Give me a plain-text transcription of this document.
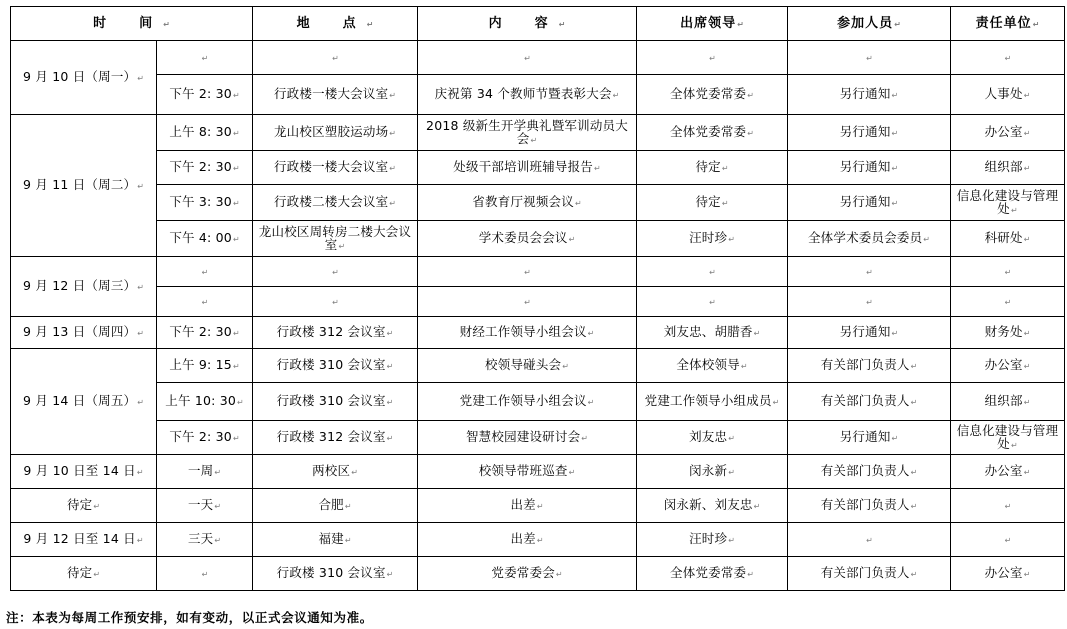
时　间↵		地　点↵	内　容↵	出席领导↵	参加人员↵	责任单位↵
9 月 10 日（周一）↵	↵	↵	↵	↵	↵	↵
	下午 2: 30↵	行政楼一楼大会议室↵	庆祝第 34 个教师节暨表彰大会↵	全体党委常委↵	另行通知↵	人事处↵
9 月 11 日（周二）↵	上午 8: 30↵	龙山校区塑胶运动场↵	2018 级新生开学典礼暨军训动员大会↵	全体党委常委↵	另行通知↵	办公室↵
	下午 2: 30↵	行政楼一楼大会议室↵	处级干部培训班辅导报告↵	待定↵	另行通知↵	组织部↵
	下午 3: 30↵	行政楼二楼大会议室↵	省教育厅视频会议↵	待定↵	另行通知↵	信息化建设与管理处↵
	下午 4: 00↵	龙山校区周转房二楼大会议室↵	学术委员会会议↵	汪时珍↵	全体学术委员会委员↵	科研处↵
9 月 12 日（周三）↵	↵	↵	↵	↵	↵	↵
	↵	↵	↵	↵	↵	↵
9 月 13 日（周四）↵	下午 2: 30↵	行政楼 312 会议室↵	财经工作领导小组会议↵	刘友忠、胡腊香↵	另行通知↵	财务处↵
9 月 14 日（周五）↵	上午 9: 15↵	行政楼 310 会议室↵	校领导碰头会↵	全体校领导↵	有关部门负责人↵	办公室↵
	上午 10: 30↵	行政楼 310 会议室↵	党建工作领导小组会议↵	党建工作领导小组成员↵	有关部门负责人↵	组织部↵
	下午 2: 30↵	行政楼 312 会议室↵	智慧校园建设研讨会↵	刘友忠↵	另行通知↵	信息化建设与管理处↵
9 月 10 日至 14 日↵	一周↵	两校区↵	校领导带班巡查↵	闵永新↵	有关部门负责人↵	办公室↵
待定↵	一天↵	合肥↵	出差↵	闵永新、刘友忠↵	有关部门负责人↵	↵
9 月 12 日至 14 日↵	三天↵	福建↵	出差↵	汪时珍↵	↵	↵
待定↵	↵	行政楼 310 会议室↵	党委常委会↵	全体党委常委↵	有关部门负责人↵	办公室↵
注：本表为每周工作预安排，如有变动，以正式会议通知为准。
